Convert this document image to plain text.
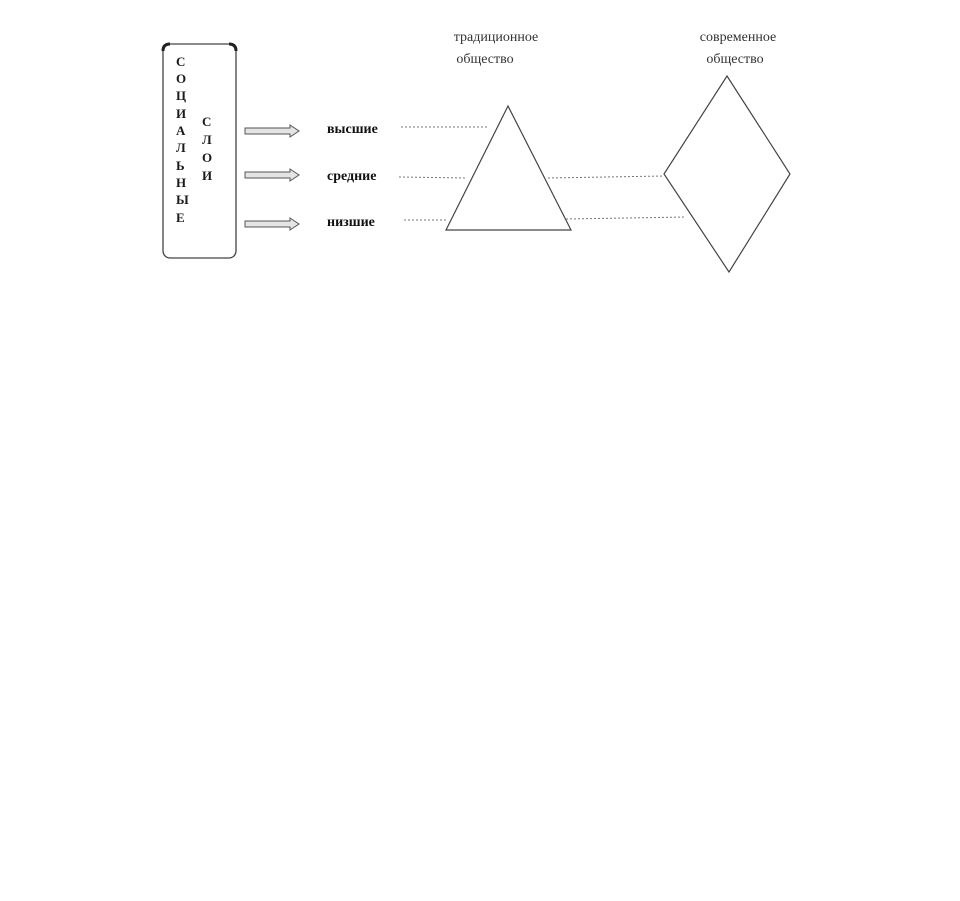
С
О
Ц
И
А
Л
Ь
Н
Ы
Е
С
Л
О
И
высшие
средние
низшие
традиционное
общество
современное
общество
